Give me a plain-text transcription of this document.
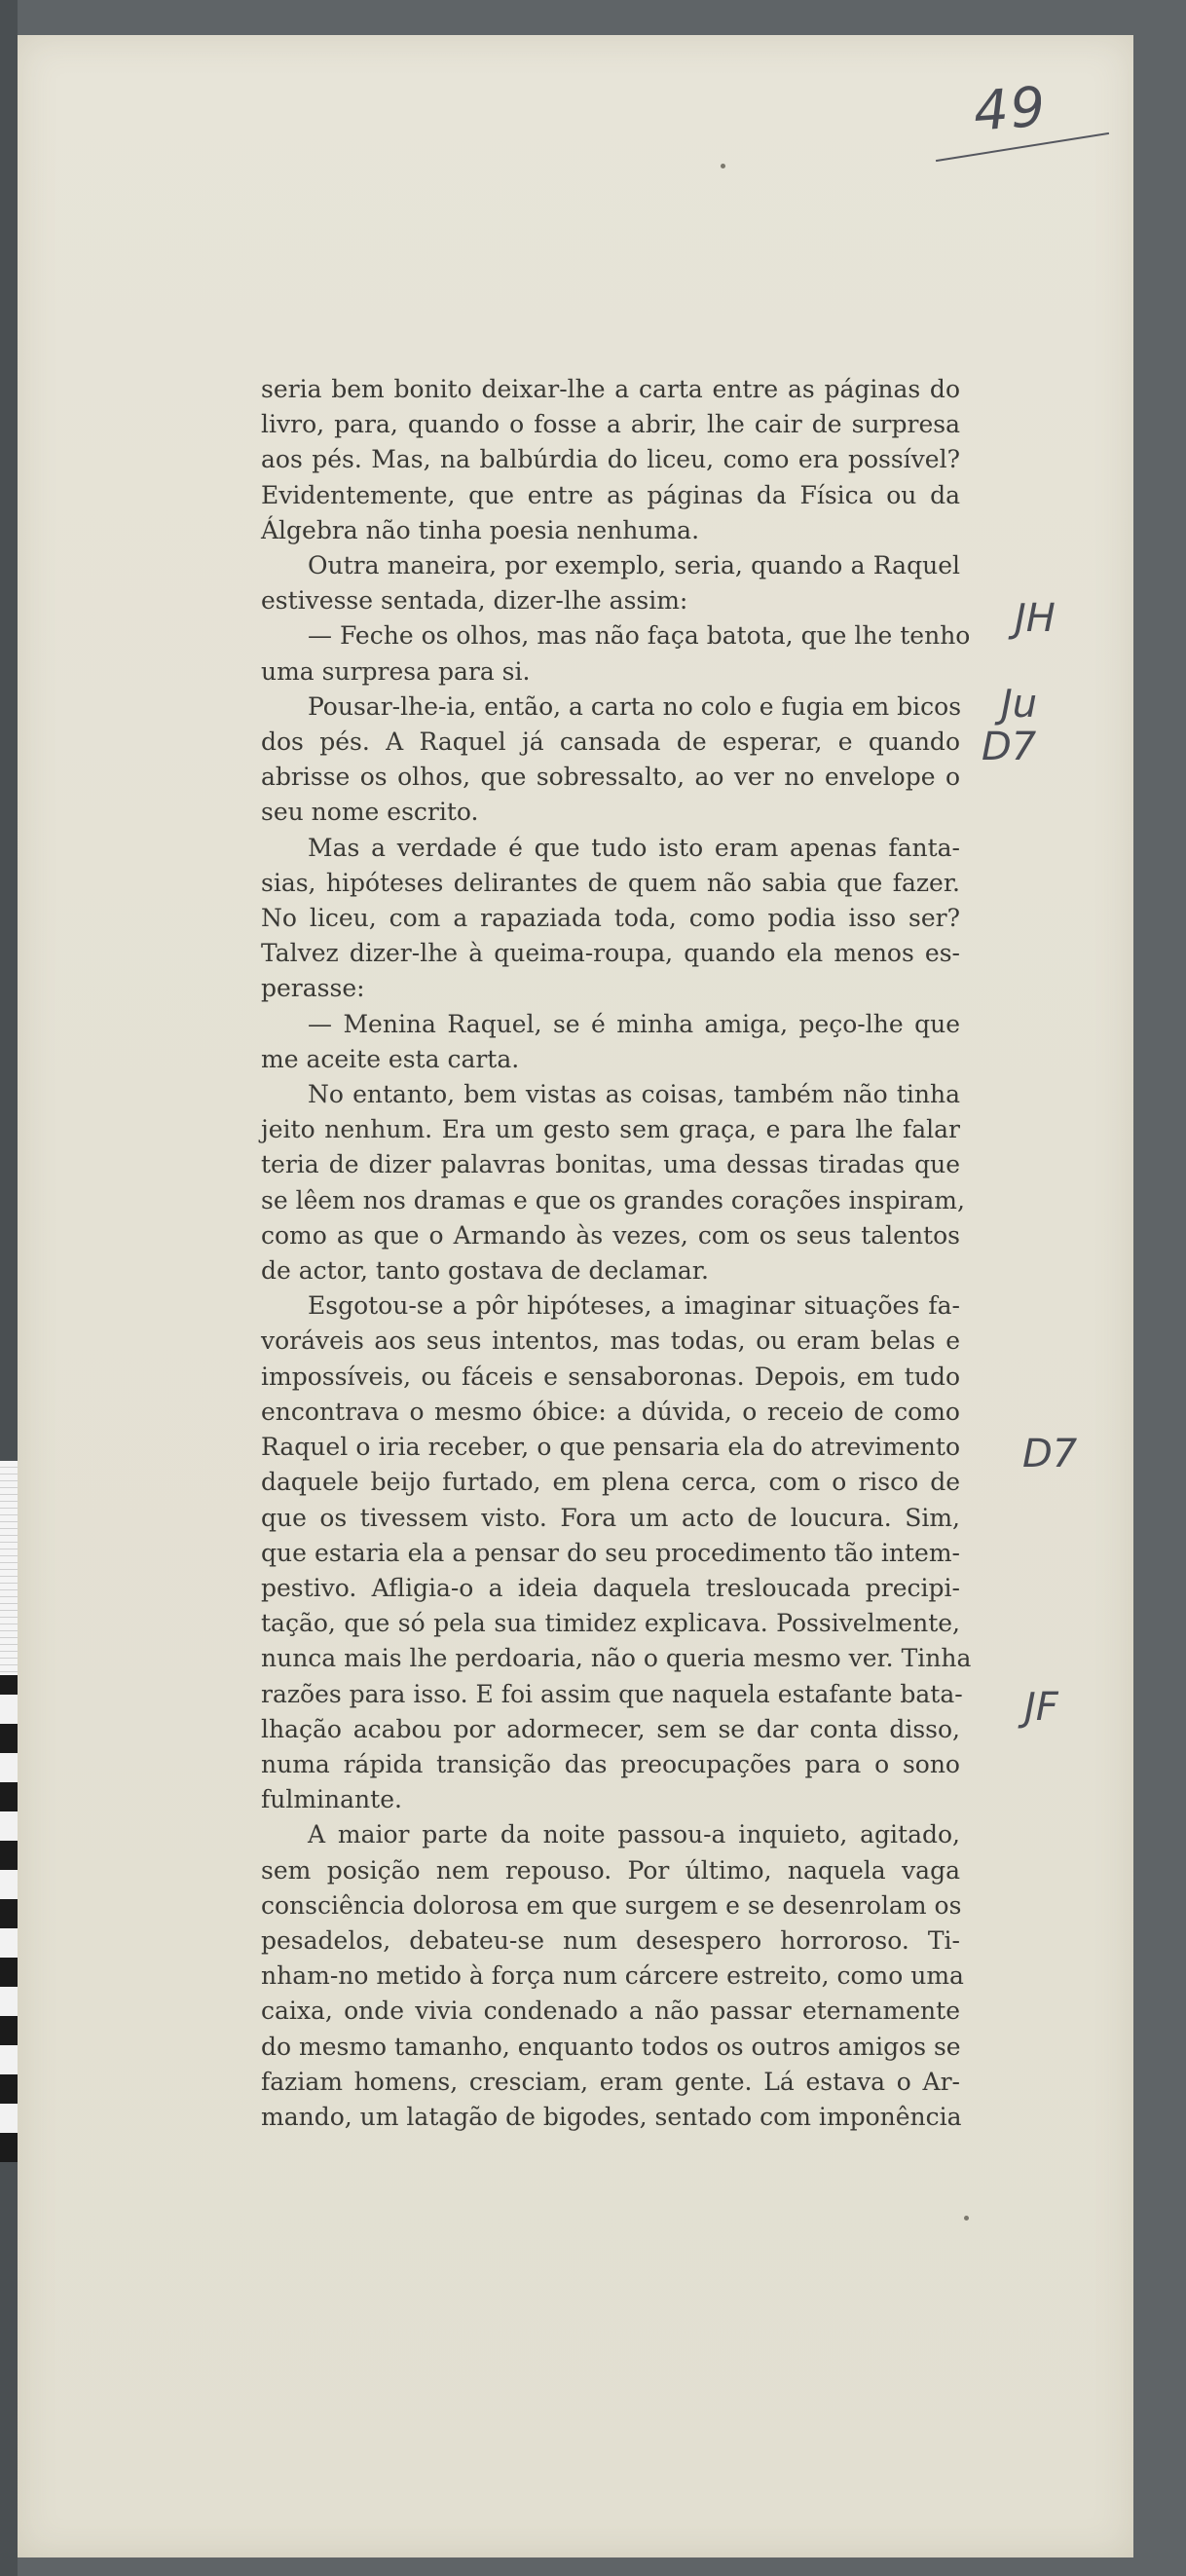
49
seria bem bonito deixar-lhe a carta entre as páginas do
livro, para, quando o fosse a abrir, lhe cair de surpresa
aos pés. Mas, na balbúrdia do liceu, como era possível?
Evidentemente, que entre as páginas da Física ou da
Álgebra não tinha poesia nenhuma.
Outra maneira, por exemplo, seria, quando a Raquel
estivesse sentada, dizer-lhe assim:
— Feche os olhos, mas não faça batota, que lhe tenho
uma surpresa para si.
Pousar-lhe-ia, então, a carta no colo e fugia em bicos
dos pés. A Raquel já cansada de esperar, e quando
abrisse os olhos, que sobressalto, ao ver no envelope o
seu nome escrito.
Mas a verdade é que tudo isto eram apenas fanta-
sias, hipóteses delirantes de quem não sabia que fazer.
No liceu, com a rapaziada toda, como podia isso ser?
Talvez dizer-lhe à queima-roupa, quando ela menos es-
perasse:
— Menina Raquel, se é minha amiga, peço-lhe que
me aceite esta carta.
No entanto, bem vistas as coisas, também não tinha
jeito nenhum. Era um gesto sem graça, e para lhe falar
teria de dizer palavras bonitas, uma dessas tiradas que
se lêem nos dramas e que os grandes corações inspiram,
como as que o Armando às vezes, com os seus talentos
de actor, tanto gostava de declamar.
Esgotou-se a pôr hipóteses, a imaginar situações fa-
voráveis aos seus intentos, mas todas, ou eram belas e
impossíveis, ou fáceis e sensaboronas. Depois, em tudo
encontrava o mesmo óbice: a dúvida, o receio de como
Raquel o iria receber, o que pensaria ela do atrevimento
daquele beijo furtado, em plena cerca, com o risco de
que os tivessem visto. Fora um acto de loucura. Sim,
que estaria ela a pensar do seu procedimento tão intem-
pestivo. Afligia-o a ideia daquela tresloucada precipi-
tação, que só pela sua timidez explicava. Possivelmente,
nunca mais lhe perdoaria, não o queria mesmo ver. Tinha
razões para isso. E foi assim que naquela estafante bata-
lhação acabou por adormecer, sem se dar conta disso,
numa rápida transição das preocupações para o sono
fulminante.
A maior parte da noite passou-a inquieto, agitado,
sem posição nem repouso. Por último, naquela vaga
consciência dolorosa em que surgem e se desenrolam os
pesadelos, debateu-se num desespero horroroso. Ti-
nham-no metido à força num cárcere estreito, como uma
caixa, onde vivia condenado a não passar eternamente
do mesmo tamanho, enquanto todos os outros amigos se
faziam homens, cresciam, eram gente. Lá estava o Ar-
mando, um latagão de bigodes, sentado com imponência
JH
Ju
D7
D7
JF
